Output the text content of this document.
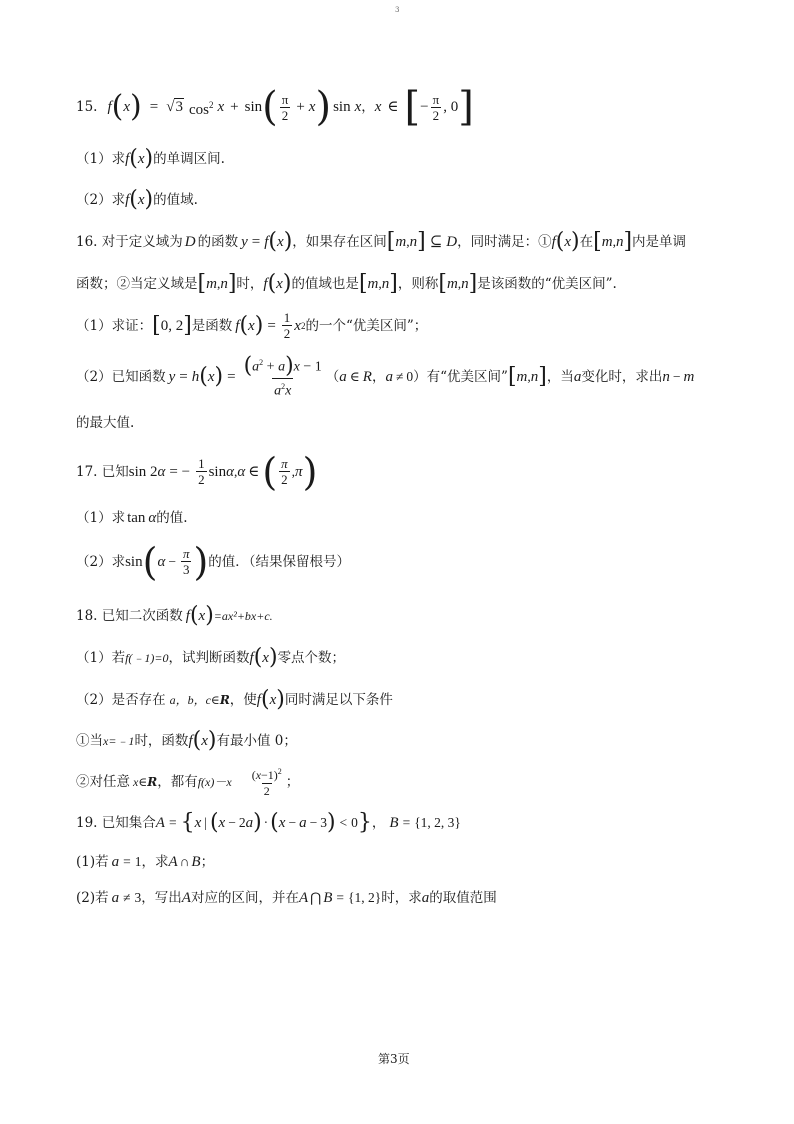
3
15. f ( x ) = √3 $\cos^2 x + \sin$ ( $\frac{\pi}{2} + x$ ) sin x ， x ∈ [ − $\frac{\pi}{2}$ , 0 ]
（1）求 f ( x ) 的单调区间.
（2）求 f ( x ) 的值域.
16. 对于定义域为 D 的函数 y = f ( x ) ，如果存在区间 [ m , n ] ⊆ D ，同时满足：① f ( x ) 在 [ m , n ] 内是单调
函数；②当定义域是 [ m , n ] 时， f ( x ) 的值域也是 [ m , n ] ，则称 [ m , n ] 是该函数的“优美区间”.
（1）求证： [ 0, 2 ] 是函数 f ( x ) = $\frac{1}{2}$ x 2 的一个“优美区间”；
（2）已知函数 y = h ( x ) = $\frac{(a^2 + a)x - 1}{a^2x}$ （ a ∈ R ， a ≠ 0 ）有“优美区间” [ m , n ] ，当 a 变化时，求出 n − m
的最大值.
17. 已知 sin 2 α = − $\frac{1}{2}$ sin α , α ∈ ( $\frac{\pi}{2}$ , π )
（1）求 tan α 的值.
（2）求 sin ( $\alpha - \frac{\pi}{3}$ ) 的值．（结果保留根号）
18. 已知二次函数 f ( x ) =ax²+bx+c.
（1）若 f(﹣1)=0 ，试判断函数 f ( x ) 零点个数；
（2）是否存在 a，b，c∈ R ，使 f ( x ) 同时满足以下条件
①当 x=﹣1 时，函数 f ( x ) 有最小值 0；
②对任意 x∈ R ，都有 $f(x)-x \frac{(x-1)^2}{2}$ ；
19. 已知集合 A = { x | ( x − 2 a ) · ( x − a − 3 ) < 0 } ， B = {1, 2, 3}
(1)若 a = 1 ，求 A ∩ B ；
(2)若 a ≠ 3 ，写出 A 对应的区间，并在 A ⋂ B = {1, 2} 时，求 a 的取值范围
第3页
